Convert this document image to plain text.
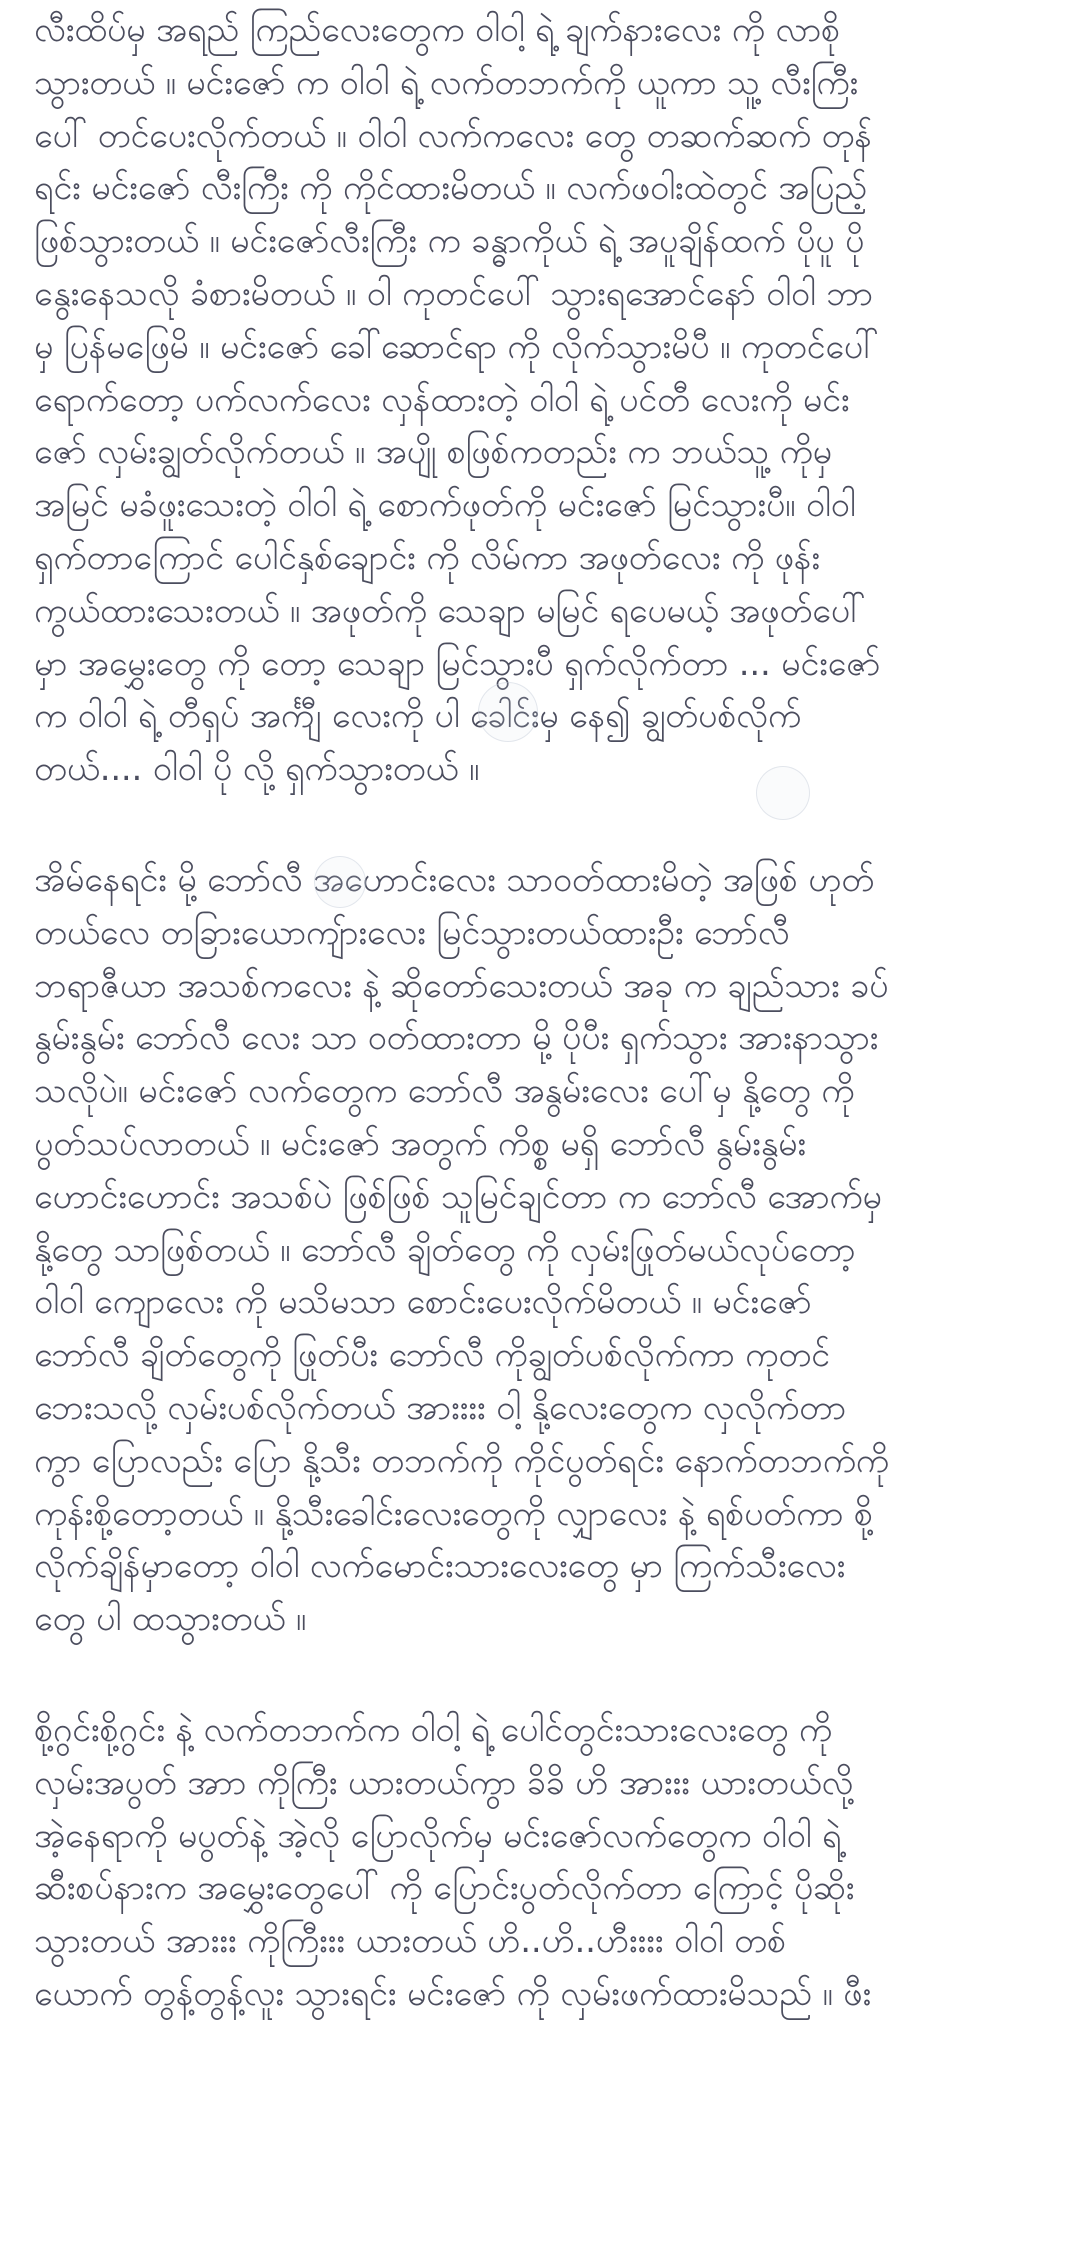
လီးထိပ်မှ အရည် ကြည်လေးတွေက ဝါဝါ့ ရဲ့ ချက်နားလေး ကို လာစို
သွားတယ် ။ မင်းဇော် က ဝါဝါ ရဲ့ လက်တဘက်ကို ယူကာ သူ့ လီးကြီး
ပေါ် တင်ပေးလိုက်တယ် ။ ဝါဝါ လက်ကလေး တွေ တဆက်ဆက် တုန်
ရင်း မင်းဇော် လီးကြီး ကို ကိုင်ထားမိတယ် ။ လက်ဖဝါးထဲတွင် အပြည့်
ဖြစ်သွားတယ် ။ မင်းဇော်လီးကြီး က ခန္ဓာကိုယ် ရဲ့ အပူချိန်ထက် ပိုပူ ပို
နွေးနေသလို ခံစားမိတယ် ။ ဝါ ကုတင်ပေါ် သွားရအောင်နော် ဝါဝါ ဘာ
မှ ပြန်မဖြေမိ ။ မင်းဇော် ခေါ်ဆောင်ရာ ကို လိုက်သွားမိပီ ။ ကုတင်ပေါ်
ရောက်တော့ ပက်လက်လေး လှန်ထားတဲ့ ဝါဝါ ရဲ့ ပင်တီ လေးကို မင်း
ဇော် လှမ်းချွတ်လိုက်တယ် ။ အပျို စဖြစ်ကတည်း က ဘယ်သူ့ ကိုမှ
အမြင် မခံဖူးသေးတဲ့ ဝါဝါ ရဲ့ စောက်ဖုတ်ကို မင်းဇော် မြင်သွားပီ။ ဝါဝါ
ရှက်တာကြောင် ပေါင်နှစ်ချောင်း ကို လိမ်ကာ အဖုတ်လေး ကို ဖုန်း
ကွယ်ထားသေးတယ် ။ အဖုတ်ကို သေချာ မမြင် ရပေမယ့် အဖုတ်ပေါ်
မှာ အမွှေးတွေ ကို တော့ သေချာ မြင်သွားပီ ရှက်လိုက်တာ ... မင်းဇော်
က ဝါဝါ ရဲ့ တီရှပ် အင်္ကျီ လေးကို ပါ ခေါင်းမှ နေ၍ ချွတ်ပစ်လိုက်
တယ်.... ဝါဝါ ပို လို့ ရှက်သွားတယ် ။

အိမ်နေရင်း မို့ ဘော်လီ အဟောင်းလေး သာဝတ်ထားမိတဲ့ အဖြစ် ဟုတ်
တယ်လေ တခြားယောကျ်ားလေး မြင်သွားတယ်ထားဦး ဘော်လီ
ဘရာဇီယာ အသစ်ကလေး နဲ့ ဆိုတော်သေးတယ် အခု က ချည်သား ခပ်
နွမ်းနွမ်း ဘော်လီ လေး သာ ဝတ်ထားတာ မို့ ပိုပီး ရှက်သွား အားနာသွား
သလိုပဲ။ မင်းဇော် လက်တွေက ဘော်လီ အနွမ်းလေး ပေါ်မှ နို့တွေ ကို
ပွတ်သပ်လာတယ် ။ မင်းဇော် အတွက် ကိစ္စ မရှိ ဘော်လီ နွမ်းနွမ်း
ဟောင်းဟောင်း အသစ်ပဲ ဖြစ်ဖြစ် သူမြင်ချင်တာ က ဘော်လီ အောက်မှ
နို့တွေ သာဖြစ်တယ် ။ ဘော်လီ ချိတ်တွေ ကို လှမ်းဖြုတ်မယ်လုပ်တော့
ဝါဝါ ကျောလေး ကို မသိမသာ စောင်းပေးလိုက်မိတယ် ။ မင်းဇော်
ဘော်လီ ချိတ်တွေကို ဖြုတ်ပီး ဘော်လီ ကိုချွတ်ပစ်လိုက်ကာ ကုတင်
ဘေးသလို့ လှမ်းပစ်လိုက်တယ် အားးးး ဝါ့ နို့လေးတွေက လှလိုက်တာ
ကွာ ပြောလည်း ပြော နို့သီး တဘက်ကို ကိုင်ပွတ်ရင်း နောက်တဘက်ကို
ကုန်းစို့တော့တယ် ။ နို့သီးခေါင်းလေးတွေကို လျှာလေး နဲ့ ရစ်ပတ်ကာ စို့
လိုက်ချိန်မှာတော့ ဝါဝါ လက်မောင်းသားလေးတွေ မှာ ကြက်သီးလေး
တွေ ပါ ထသွားတယ် ။

စို့ဂွင်းစို့ဂွင်း နဲ့ လက်တဘက်က ဝါဝါ့ ရဲ့ ပေါင်တွင်းသားလေးတွေ ကို
လှမ်းအပွတ် အာာ ကိုကြီး ယားတယ်ကွာ ခိခိ ဟိ အားးး ယားတယ်လို့
အဲ့နေရာကို မပွတ်နဲ့ အဲ့လို ပြောလိုက်မှ မင်းဇော်လက်တွေက ဝါဝါ ရဲ့
ဆီးစပ်နားက အမွှေးတွေပေါ် ကို ပြောင်းပွတ်လိုက်တာ ကြောင့် ပိုဆိုး
သွားတယ် အားးး ကိုကြီးးး ယားတယ် ဟိ..ဟိ..ဟီးးးး ဝါဝါ တစ်
ယောက် တွန့်တွန့်လူး သွားရင်း မင်းဇော် ကို လှမ်းဖက်ထားမိသည် ။ ဖီး
